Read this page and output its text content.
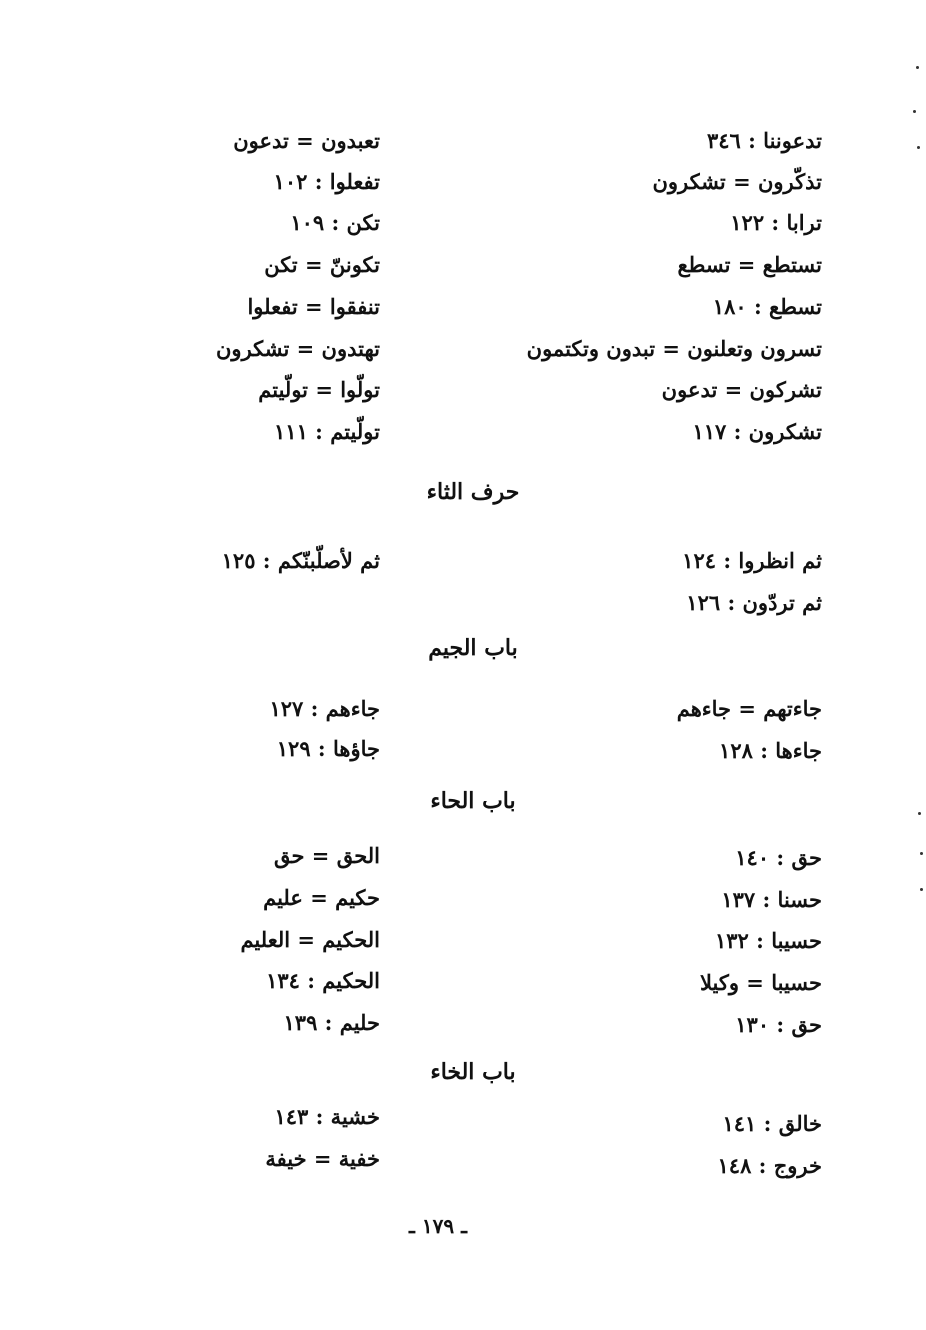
تدعوننا : ٣٤٦
تذكّرون = تشكرون
ترابا : ١٢٢
تستطع = تسطع
تسطع : ١٨٠
تسرون وتعلنون = تبدون وتكتمون
تشركون = تدعون
تشكرون : ١١٧
تعبدون = تدعون
تفعلوا : ١٠٢
تكن : ١٠٩
تكوننّ = تكن
تنفقوا = تفعلوا
تهتدون = تشكرون
تولّوا = تولّيتم
تولّيتم : ١١١
حرف الثاء
ثم انظروا : ١٢٤
ثم تردّون : ١٢٦
ثم لأصلّبنّكم : ١٢٥
باب الجيم
جاءتهم = جاءهم
جاءها : ١٢٨
جاءهم : ١٢٧
جاؤها : ١٢٩
باب الحاء
حق : ١٤٠
حسنا : ١٣٧
حسيبا : ١٣٢
حسيبا = وكيلا
حق : ١٣٠
الحق = حق
حكيم = عليم
الحكيم = العليم
الحكيم : ١٣٤
حليم : ١٣٩
باب الخاء
خالق : ١٤١
خروج : ١٤٨
خشية : ١٤٣
خفية = خيفة
ـ ١٧٩ ـ
